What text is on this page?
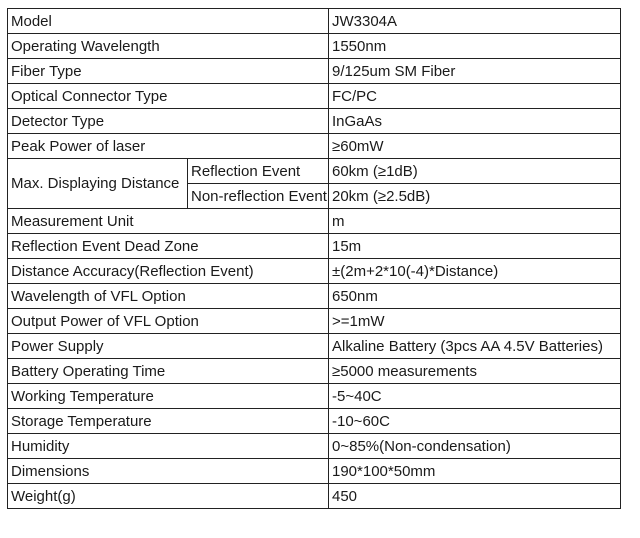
Model		JW3304A
Operating Wavelength		1550nm
Fiber Type		9/125um SM Fiber
Optical Connector Type		FC/PC
Detector Type		InGaAs
Peak Power of laser		≥60mW
Max. Displaying Distance	Reflection Event	60km (≥1dB)
	Non-reflection Event	20km (≥2.5dB)
Measurement Unit		m
Reflection Event Dead Zone		15m
Distance Accuracy(Reflection Event)		±(2m+2*10(-4)*Distance)
Wavelength of VFL Option		650nm
Output Power of VFL Option		>=1mW
Power Supply		Alkaline Battery (3pcs AA 4.5V Batteries)
Battery Operating Time		≥5000 measurements
Working Temperature		-5~40C
Storage Temperature		-10~60C
Humidity		0~85%(Non-condensation)
Dimensions		190*100*50mm
Weight(g)		450
